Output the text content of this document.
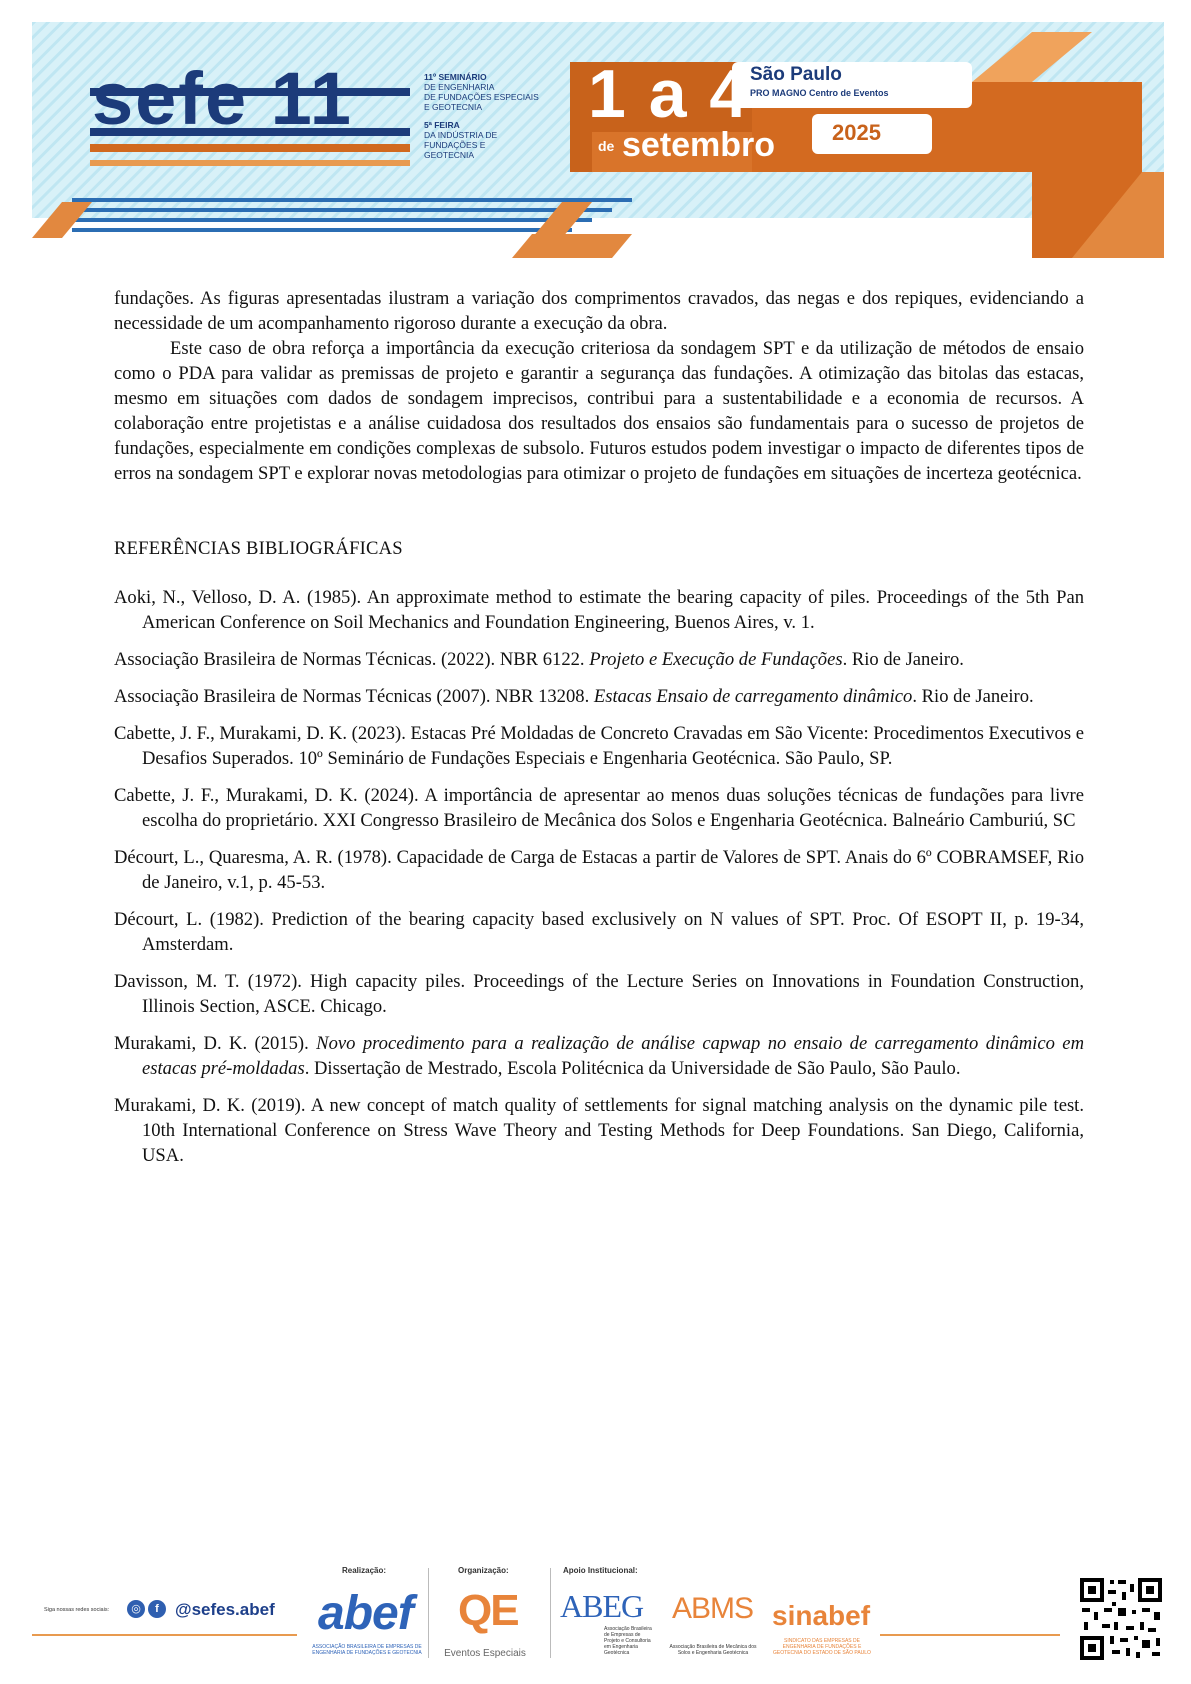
sefe 11	11º SEMINÁRIO
DE ENGENHARIA
DE FUNDAÇÕES ESPECIAIS
E GEOTECNIA
5ª FEIRA
DA INDÚSTRIA DE
FUNDAÇÕES E
GEOTECNIA
1 a 4
de setembro
São Paulo
PRO MAGNO Centro de Eventos
2025

fundações. As figuras apresentadas ilustram a variação dos comprimentos cravados, das negas e dos repiques, evidenciando a necessidade de um acompanhamento rigoroso durante a execução da obra.

Este caso de obra reforça a importância da execução criteriosa da sondagem SPT e da utilização de métodos de ensaio como o PDA para validar as premissas de projeto e garantir a segurança das fundações. A otimização das bitolas das estacas, mesmo em situações com dados de sondagem imprecisos, contribui para a sustentabilidade e a economia de recursos. A colaboração entre projetistas e a análise cuidadosa dos resultados dos ensaios são fundamentais para o sucesso de projetos de fundações, especialmente em condições complexas de subsolo. Futuros estudos podem investigar o impacto de diferentes tipos de erros na sondagem SPT e explorar novas metodologias para otimizar o projeto de fundações em situações de incerteza geotécnica.

REFERÊNCIAS BIBLIOGRÁFICAS

Aoki, N., Velloso, D. A. (1985). An approximate method to estimate the bearing capacity of piles. Proceedings of the 5th Pan American Conference on Soil Mechanics and Foundation Engineering, Buenos Aires, v. 1.

Associação Brasileira de Normas Técnicas. (2022). NBR 6122. Projeto e Execução de Fundações. Rio de Janeiro.

Associação Brasileira de Normas Técnicas (2007). NBR 13208. Estacas Ensaio de carregamento dinâmico. Rio de Janeiro.

Cabette, J. F., Murakami, D. K. (2023). Estacas Pré Moldadas de Concreto Cravadas em São Vicente: Procedimentos Executivos e Desafios Superados. 10º Seminário de Fundações Especiais e Engenharia Geotécnica. São Paulo, SP.

Cabette, J. F., Murakami, D. K. (2024). A importância de apresentar ao menos duas soluções técnicas de fundações para livre escolha do proprietário. XXI Congresso Brasileiro de Mecânica dos Solos e Engenharia Geotécnica. Balneário Camburiú, SC

Décourt, L., Quaresma, A. R. (1978). Capacidade de Carga de Estacas a partir de Valores de SPT. Anais do 6º COBRAMSEF, Rio de Janeiro, v.1, p. 45-53.

Décourt, L. (1982). Prediction of the bearing capacity based exclusively on N values of SPT. Proc. Of ESOPT II, p. 19-34, Amsterdam.

Davisson, M. T. (1972). High capacity piles. Proceedings of the Lecture Series on Innovations in Foundation Construction, Illinois Section, ASCE. Chicago.

Murakami, D. K. (2015). Novo procedimento para a realização de análise capwap no ensaio de carregamento dinâmico em estacas pré-moldadas. Dissertação de Mestrado, Escola Politécnica da Universidade de São Paulo, São Paulo.

Murakami, D. K. (2019). A new concept of match quality of settlements for signal matching analysis on the dynamic pile test. 10th International Conference on Stress Wave Theory and Testing Methods for Deep Foundations. San Diego, California, USA.

Siga nossas redes sociais:	◎	f @sefes.abef
Realização:	Organização:	Apoio Institucional:
abef
ASSOCIAÇÃO BRASILEIRA DE EMPRESAS DE ENGENHARIA DE FUNDAÇÕES E GEOTECNIA
QE
Eventos Especiais
ABEG
Associação Brasileira de Empresas de Projeto e Consultoria em Engenharia Geotécnica
ABMS
Associação Brasileira de Mecânica dos Solos e Engenharia Geotécnica
sinabef
SINDICATO DAS EMPRESAS DE ENGENHARIA DE FUNDAÇÕES E GEOTECNIA DO ESTADO DE SÃO PAULO
